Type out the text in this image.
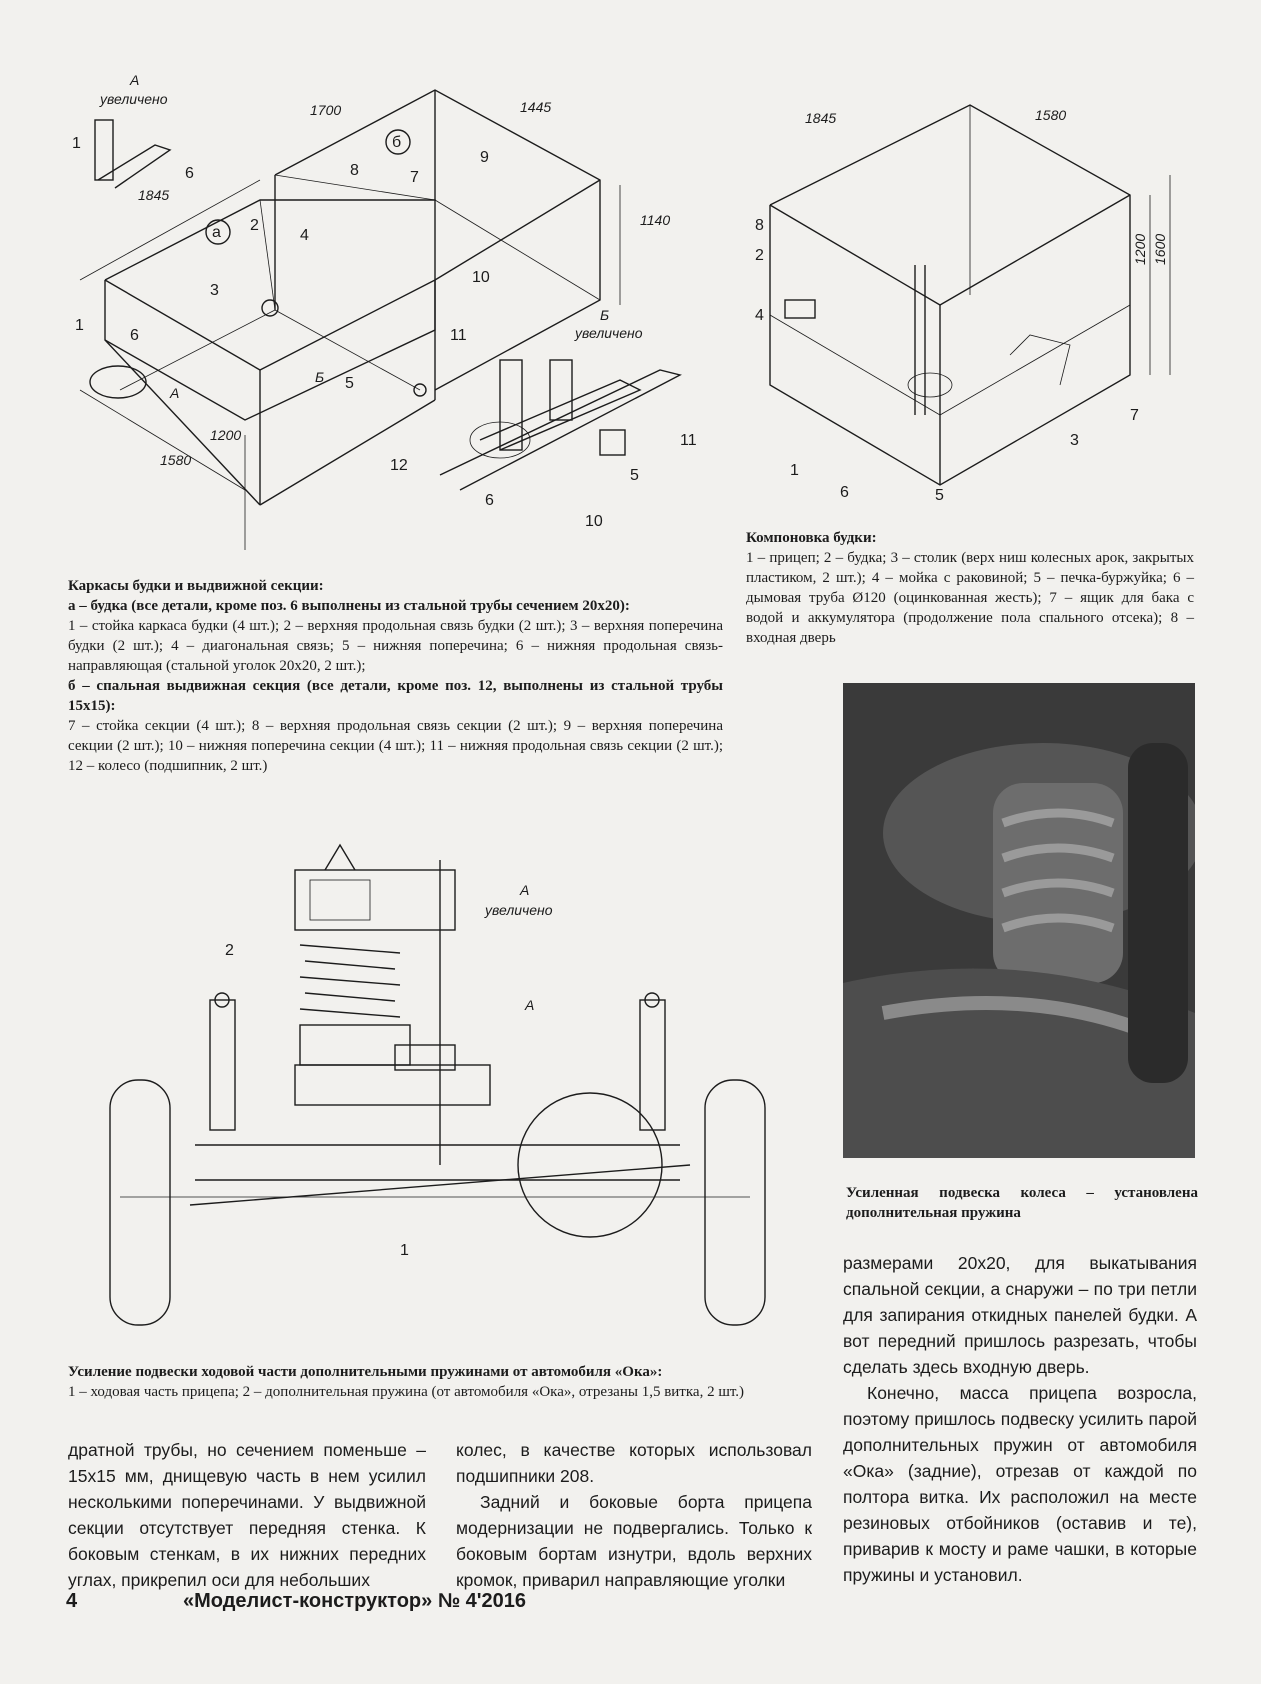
А
увеличено
Б
увеличено
А
Б
а
б
1700	1445
1845
1140
1200
1580
1
1
2
3
4
5
5
6
6
6
7
8
9
10
10
11
11
12
1845	1580
1200 1600
1
2
3
4
5
6
7
8

Каркасы будки и выдвижной секции:

а – будка (все детали, кроме поз. 6 выполнены из стальной трубы сечением 20х20):

1 – стойка каркаса будки (4 шт.); 2 – верхняя продольная связь будки (2 шт.); 3 – верхняя поперечина будки (2 шт.); 4 – диагональная связь; 5 – нижняя поперечина; 6 – нижняя продольная связь-направляющая (стальной уголок 20х20, 2 шт.);

б – спальная выдвижная секция (все детали, кроме поз. 12, выполнены из стальной трубы 15х15):

7 – стойка секции (4 шт.); 8 – верхняя продольная связь секции (2 шт.); 9 – верхняя поперечина секции (2 шт.); 10 – нижняя поперечина секции (4 шт.); 11 – нижняя продольная связь секции (2 шт.); 12 – колесо (подшипник, 2 шт.)

Компоновка будки:

1 – прицеп; 2 – будка; 3 – столик (верх ниш колесных арок, закрытых пластиком, 2 шт.); 4 – мойка с раковиной; 5 – печка-буржуйка; 6 – дымовая труба Ø120 (оцинкованная жесть); 7 – ящик для бака с водой и аккумулятора (продолжение пола спального отсека); 8 – входная дверь

Усиленная подвеска колеса – установлена дополнительная пружина

А
увеличено
А
1
2

Усиление подвески ходовой части дополнительными пружинами от автомобиля «Ока»:

1 – ходовая часть прицепа; 2 – дополнительная пружина (от автомобиля «Ока», отрезаны 1,5 витка, 2 шт.)

дратной трубы, но сечением поменьше – 15х15 мм, днищевую часть в нем усилил несколькими поперечинами. У выдвижной секции отсутствует передняя стенка. К боковым стенкам, в их нижних передних углах, прикрепил оси для небольших

колес, в качестве которых использовал подшипники 208.

Задний и боковые борта прицепа модернизации не подвергались. Только к боковым бортам изнутри, вдоль верхних кромок, приварил направляющие уголки

размерами 20х20, для выкатывания спальной секции, а снаружи – по три петли для запирания откидных панелей будки. А вот передний пришлось разрезать, чтобы сделать здесь входную дверь.

Конечно, масса прицепа возросла, поэтому пришлось подвеску усилить парой дополнительных пружин от автомобиля «Ока» (задние), отрезав от каждой по полтора витка. Их расположил на месте резиновых отбойников (оставив и те), приварив к мосту и раме чашки, в которые пружины и установил.

4	«Моделист-конструктор» № 4'2016
